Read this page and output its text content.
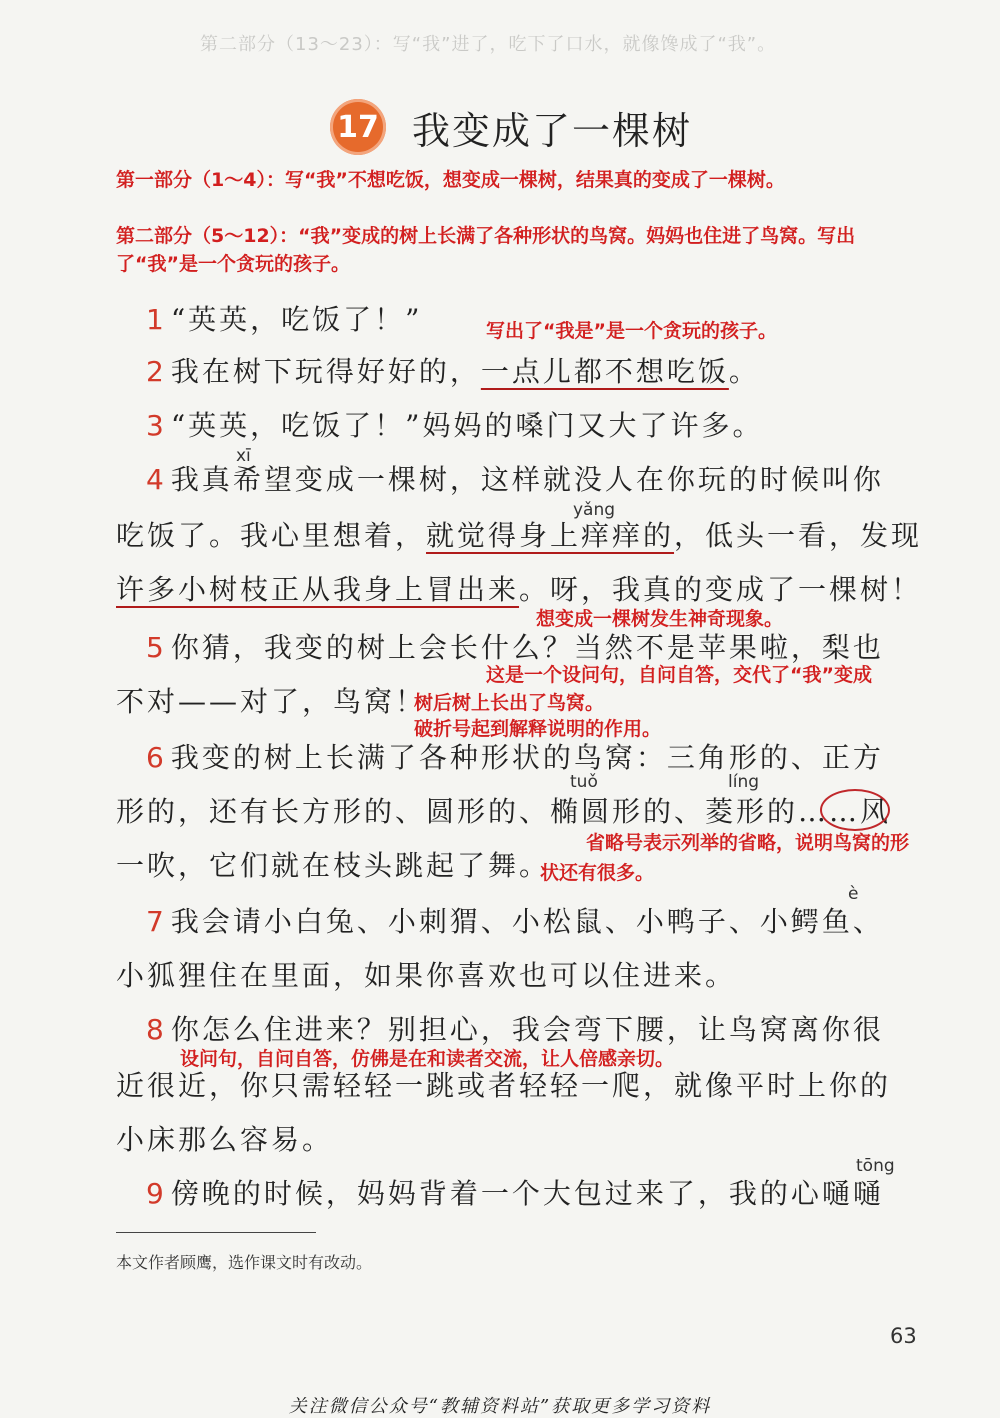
第二部分（13～23）：写“我”进了，吃下了口水，就像馋成了“我”。
17 我变成了一棵树
第一部分（1～4）：写“我”不想吃饭，想变成一棵树，结果真的变成了一棵树。
第二部分（5～12）：“我”变成的树上长满了各种形状的鸟窝。妈妈也住进了鸟窝。写出了“我”是一个贪玩的孩子。
1 “英英，吃饭了！”	写出了“我是”是一个贪玩的孩子。
2 我在树下玩得好好的，一点儿都不想吃饭。
3 “英英，吃饭了！”妈妈的嗓门又大了许多。
xī
4 我真希望变成一棵树，这样就没人在你玩的时候叫你
yǎng
吃饭了。我心里想着，就觉得身上痒痒的，低头一看，发现
许多小树枝正从我身上冒出来。呀，我真的变成了一棵树！
想变成一棵树发生神奇现象。
5 你猜，我变的树上会长什么？当然不是苹果啦，梨也
这是一个设问句，自问自答，交代了“我”变成
不对——对了，鸟窝！
树后树上长出了鸟窝。
破折号起到解释说明的作用。
6 我变的树上长满了各种形状的鸟窝：三角形的、正方
tuǒ	líng
形的，还有长方形的、圆形的、椭圆形的、菱形的……风
省略号表示列举的省略，说明鸟窝的形
一吹，它们就在枝头跳起了舞。
状还有很多。
è
7 我会请小白兔、小刺猬、小松鼠、小鸭子、小鳄鱼、
小狐狸住在里面，如果你喜欢也可以住进来。
8 你怎么住进来？别担心，我会弯下腰，让鸟窝离你很
设问句，自问自答，仿佛是在和读者交流，让人倍感亲切。
近很近，你只需轻轻一跳或者轻轻一爬，就像平时上你的
小床那么容易。
tōng
9 傍晚的时候，妈妈背着一个大包过来了，我的心嗵嗵
本文作者顾鹰，选作课文时有改动。
63
关注微信公众号“教辅资料站”获取更多学习资料
